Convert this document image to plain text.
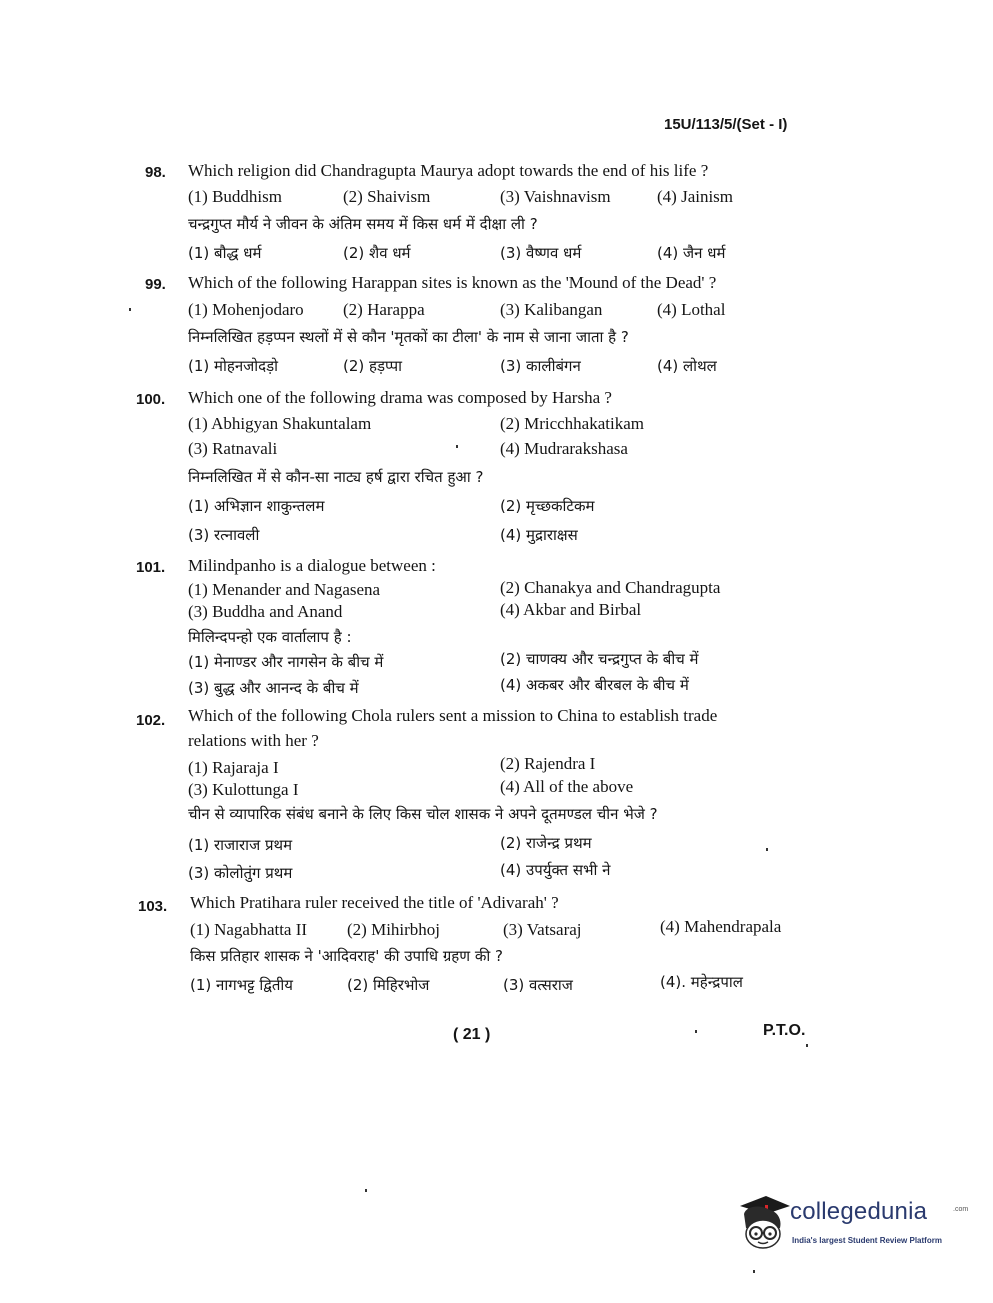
15U/113/5/(Set - I)
98. Which religion did Chandragupta Maurya adopt towards the end of his life ?
(1) Buddhism	(2) Shaivism	(3) Vaishnavism	(4) Jainism
चन्द्रगुप्त मौर्य ने जीवन के अंतिम समय में किस धर्म में दीक्षा ली ?
(1) बौद्ध धर्म	(2) शैव धर्म	(3) वैष्णव धर्म	(4) जैन धर्म
99. Which of the following Harappan sites is known as the 'Mound of the Dead' ?
(1) Mohenjodaro (2) Harappa	(3) Kalibangan	(4) Lothal
निम्नलिखित हड़प्पन स्थलों में से कौन 'मृतकों का टीला' के नाम से जाना जाता है ?
(1) मोहनजोदड़ो	(2) हड़प्पा	(3) कालीबंगन	(4) लोथल
100. Which one of the following drama was composed by Harsha ?
(1) Abhigyan Shakuntalam	(2) Mricchhakatikam
(3) Ratnavali	(4) Mudrarakshasa
निम्नलिखित में से कौन-सा नाट्य हर्ष द्वारा रचित हुआ ?
(1) अभिज्ञान शाकुन्तलम	(2) मृच्छकटिकम
(3) रत्नावली	(4) मुद्राराक्षस
101. Milindpanho is a dialogue between :
(1) Menander and Nagasena	(2) Chanakya and Chandragupta
(3) Buddha and Anand	(4) Akbar and Birbal
मिलिन्दपन्हो एक वार्तालाप है :
(1) मेनाण्डर और नागसेन के बीच में	(2) चाणक्य और चन्द्रगुप्त के बीच में
(3) बुद्ध और आनन्द के बीच में	(4) अकबर और बीरबल के बीच में
102. Which of the following Chola rulers sent a mission to China to establish trade
relations with her ?
(1) Rajaraja I	(2) Rajendra I
(3) Kulottunga I	(4) All of the above
चीन से व्यापारिक संबंध बनाने के लिए किस चोल शासक ने अपने दूतमण्डल चीन भेजे ?
(1) राजाराज प्रथम	(2) राजेन्द्र प्रथम
(3) कोलोतुंग प्रथम	(4) उपर्युक्त सभी ने
103. Which Pratihara ruler received the title of 'Adivarah' ?
(1) Nagabhatta II (2) Mihirbhoj	(3) Vatsaraj	(4) Mahendrapala
किस प्रतिहार शासक ने 'आदिवराह' की उपाधि ग्रहण की ?
(1) नागभट्ट द्वितीय	(2) मिहिरभोज	(3) वत्सराज	(4). महेन्द्रपाल
( 21 )	P.T.O.
collegedunia	.com
India's largest Student Review Platform
